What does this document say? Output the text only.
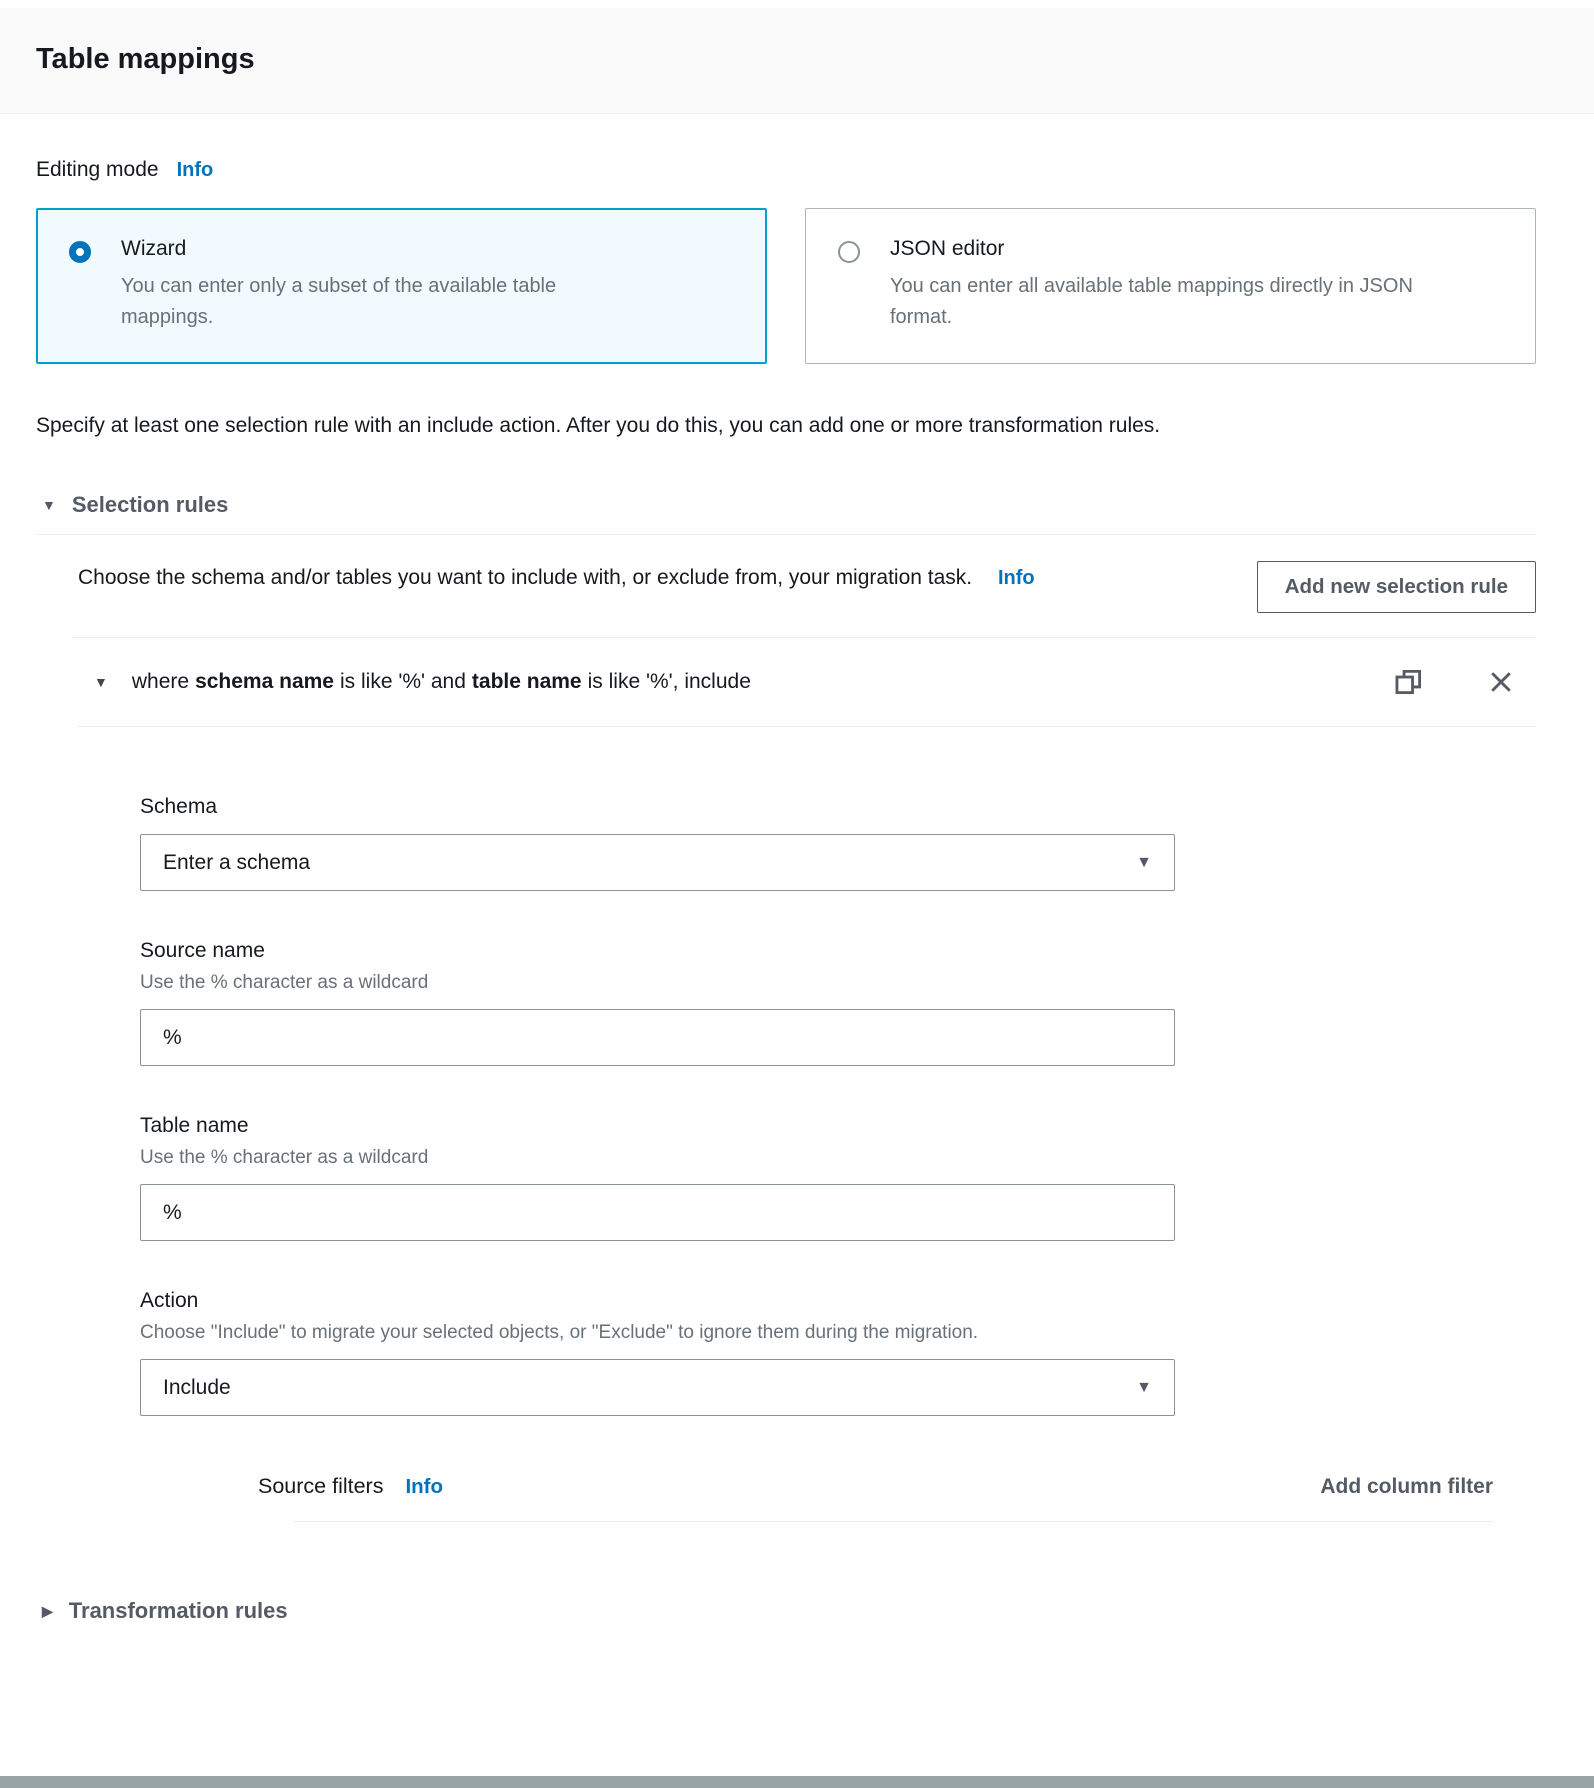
Table mappings
Editing mode Info
Wizard
You can enter only a subset of the available table mappings.
JSON editor
You can enter all available table mappings directly in JSON format.
Specify at least one selection rule with an include action. After you do this, you can add one or more transformation rules.
▼ Selection rules
Choose the schema and/or tables you want to include with, or exclude from, your migration task. Info	Add new selection rule
▼ where schema name is like '%' and table name is like '%', include
Schema
Enter a schema	▼
Source name
Use the % character as a wildcard
%
Table name
Use the % character as a wildcard
%
Action
Choose "Include" to migrate your selected objects, or "Exclude" to ignore them during the migration.
Include	▼
Source filters Info	Add column filter
▶ Transformation rules
